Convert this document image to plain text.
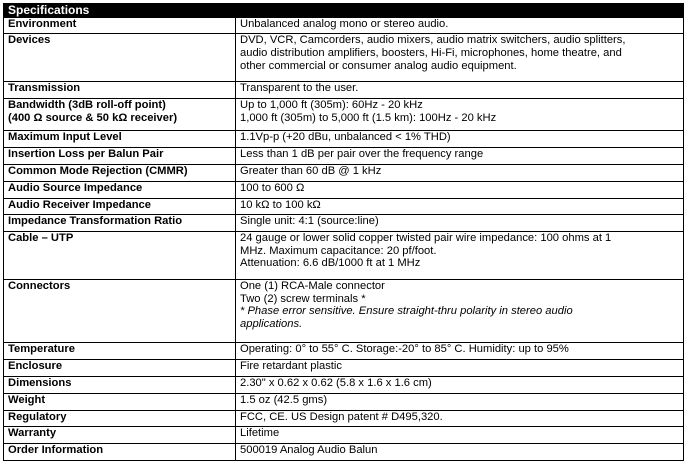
Specifications	

Environment	Unbalanced analog mono or stereo audio.

Devices	DVD, VCR, Camcorders, audio mixers, audio matrix switchers, audio splitters,
audio distribution amplifiers, boosters, Hi-Fi, microphones, home theatre, and
other commercial or consumer analog audio equipment.

Transmission	Transparent to the user.

Bandwidth (3dB roll-off point)
(400 Ω source & 50 kΩ receiver)	Up to 1,000 ft (305m): 60Hz - 20 kHz
1,000 ft (305m) to 5,000 ft (1.5 km): 100Hz - 20 kHz

Maximum Input Level	1.1Vp-p (+20 dBu, unbalanced < 1% THD)

Insertion Loss per Balun Pair	Less than 1 dB per pair over the frequency range

Common Mode Rejection (CMMR)	Greater than 60 dB @ 1 kHz

Audio Source Impedance	100 to 600 Ω

Audio Receiver Impedance	10 kΩ to 100 kΩ

Impedance Transformation Ratio	Single unit: 4:1 (source:line)

Cable – UTP	24 gauge or lower solid copper twisted pair wire impedance: 100 ohms at 1
MHz. Maximum capacitance: 20 pf/foot.
Attenuation: 6.6 dB/1000 ft at 1 MHz

Connectors	One (1) RCA-Male connector
Two (2) screw terminals *
* Phase error sensitive. Ensure straight-thru polarity in stereo audio
applications.

Temperature	Operating: 0° to 55° C. Storage:-20° to 85° C. Humidity: up to 95%

Enclosure	Fire retardant plastic

Dimensions	2.30" x 0.62 x 0.62 (5.8 x 1.6 x 1.6 cm)

Weight	1.5 oz (42.5 gms)

Regulatory	FCC, CE. US Design patent # D495,320.

Warranty	Lifetime

Order Information	500019 Analog Audio Balun
